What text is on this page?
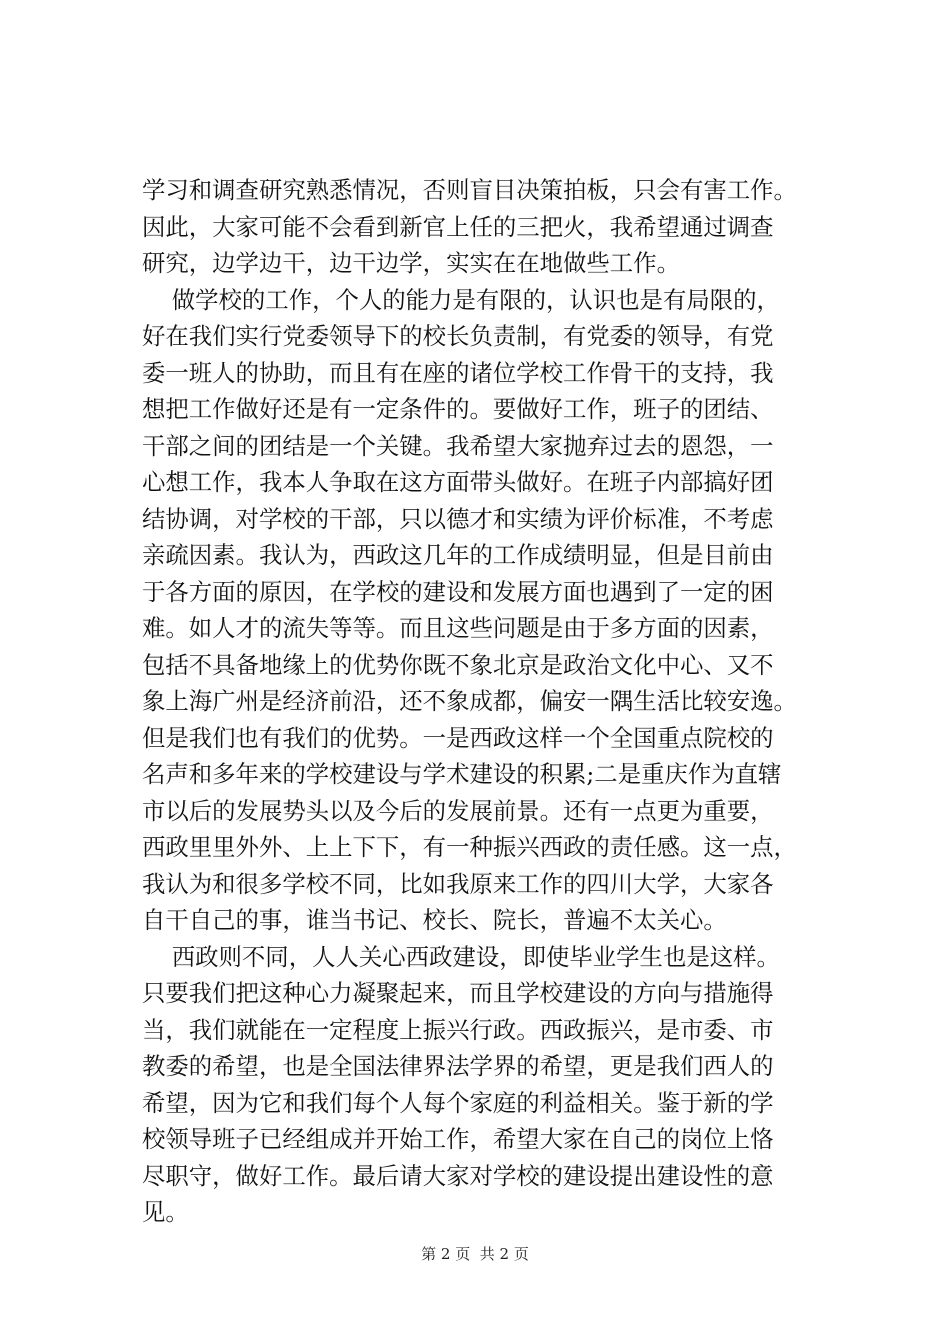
学习和调查研究熟悉情况，否则盲目决策拍板，只会有害工作。
因此，大家可能不会看到新官上任的三把火，我希望通过调查
研究，边学边干，边干边学，实实在在地做些工作。
做学校的工作，个人的能力是有限的，认识也是有局限的，
好在我们实行党委领导下的校长负责制，有党委的领导，有党
委一班人的协助，而且有在座的诸位学校工作骨干的支持，我
想把工作做好还是有一定条件的。要做好工作，班子的团结、
干部之间的团结是一个关键。我希望大家抛弃过去的恩怨，一
心想工作，我本人争取在这方面带头做好。在班子内部搞好团
结协调，对学校的干部，只以德才和实绩为评价标准，不考虑
亲疏因素。我认为，西政这几年的工作成绩明显，但是目前由
于各方面的原因，在学校的建设和发展方面也遇到了一定的困
难。如人才的流失等等。而且这些问题是由于多方面的因素，
包括不具备地缘上的优势你既不象北京是政治文化中心、又不
象上海广州是经济前沿，还不象成都，偏安一隅生活比较安逸。
但是我们也有我们的优势。一是西政这样一个全国重点院校的
名声和多年来的学校建设与学术建设的积累;二是重庆作为直辖
市以后的发展势头以及今后的发展前景。还有一点更为重要，
西政里里外外、上上下下，有一种振兴西政的责任感。这一点，
我认为和很多学校不同，比如我原来工作的四川大学，大家各
自干自己的事，谁当书记、校长、院长，普遍不太关心。
西政则不同，人人关心西政建设，即使毕业学生也是这样。
只要我们把这种心力凝聚起来，而且学校建设的方向与措施得
当，我们就能在一定程度上振兴行政。西政振兴，是市委、市
教委的希望，也是全国法律界法学界的希望，更是我们西人的
希望，因为它和我们每个人每个家庭的利益相关。鉴于新的学
校领导班子已经组成并开始工作，希望大家在自己的岗位上恪
尽职守，做好工作。最后请大家对学校的建设提出建设性的意
见。
第 2 页  共 2 页
